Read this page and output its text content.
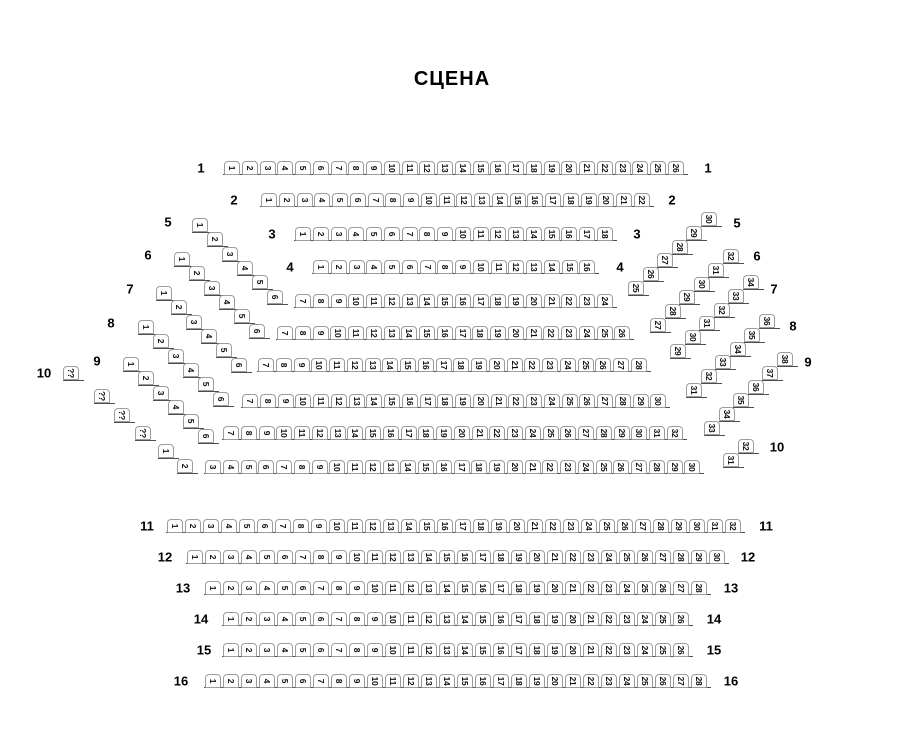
СЦЕНА
1	1
1 2 3 4 5 6 7 8 9 10 11 12 13 14 15 16 17 18 19 20 21 22 23 24 25 26
2	2
1 2 3 4 5 6 7 8 9 10 11 12 13 14 15 16 17 18 19 20 21 22
3	3
1 2 3 4 5 6 7 8 9 10 11 12 13 14 15 16 17 18
4	4
1 2 3 4 5 6 7 8 9 10 11 12 13 14 15 16
5	5
1
2
3
4
5
6
7 8 9 10 11 12 13 14 15 16 17 18 19 20 21 22 23 24
25
26
27
28
29
30
6	6
1
2
3
4
5
6
7 8 9 10 11 12 13 14 15 16 17 18 19 20 21 22 23 24 25 26
27
28
29
30
31
32
7	7
1
2
3
4
5
6 7 8 9 10 11 12 13 14 15 16 17 18 19 20 21 22 23 24 25 26 27 28
29
30
31
32
33
34
8	8
1
2
3
4
5
6
7 8 9 10 11 12 13 14 15 16 17 18 19 20 21 22 23 24 25 26 27 28 29 30
31
32
33
34
35
36
9	9
1
2
3
4
5
6
7 8 9 10 11 12 13 14 15 16 17 18 19 20 21 22 23 24 25 26 27 28 29 30 31 32
33
34
35
36
37
38
10
10
??
??
??
??
1
2 3 4 5 6 7 8 9 10 11 12 13 14 15 16 17 18 19 20 21 22 23 24 25 26 27 28 29 30
31
32
11	11
1 2 3 4 5 6 7 8 9 10 11 12 13 14 15 16 17 18 19 20 21 22 23 24 25 26 27 28 29 30 31 32
12	12
1 2 3 4 5 6 7 8 9 10 11 12 13 14 15 16 17 18 19 20 21 22 23 24 25 26 27 28 29 30
13	13
1 2 3 4 5 6 7 8 9 10 11 12 13 14 15 16 17 18 19 20 21 22 23 24 25 26 27 28
14	14
1 2 3 4 5 6 7 8 9 10 11 12 13 14 15 16 17 18 19 20 21 22 23 24 25 26
15	15
1 2 3 4 5 6 7 8 9 10 11 12 13 14 15 16 17 18 19 20 21 22 23 24 25 26
16	16
1 2 3 4 5 6 7 8 9 10 11 12 13 14 15 16 17 18 19 20 21 22 23 24 25 26 27 28
